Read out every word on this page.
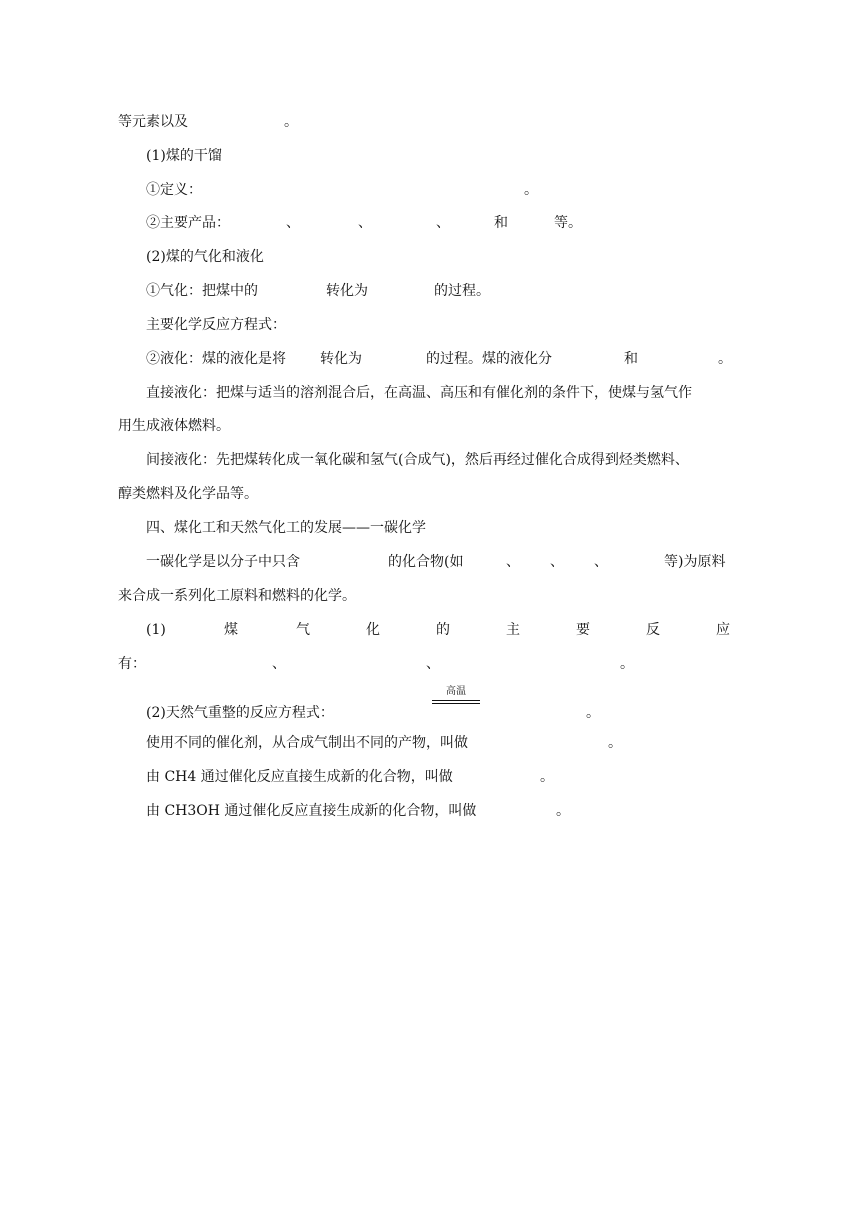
等元素以及	。
(1)煤的干馏
①定义：	。
②主要产品：	、	、	、	和	等。
(2)煤的气化和液化
①气化：把煤中的	转化为	的过程。
主要化学反应方程式：
②液化：煤的液化是将 转化为	的过程。煤的液化分	和	。
直接液化：把煤与适当的溶剂混合后，在高温、高压和有催化剂的条件下，使煤与氢气作
用生成液体燃料。
间接液化：先把煤转化成一氧化碳和氢气(合成气)，然后再经过催化合成得到烃类燃料、
醇类燃料及化学品等。
四、煤化工和天然气化工的发展——一碳化学
一碳化学是以分子中只含	的化合物(如	、 、 、	等)为原料
来合成一系列化工原料和燃料的化学。
(1)	煤	气	化	的	主	要	反	应
有：	、	、	。
高温
(2)天然气重整的反应方程式：	。
使用不同的催化剂，从合成气制出不同的产物，叫做	。
由 CH4 通过催化反应直接生成新的化合物，叫做	。
由 CH3OH 通过催化反应直接生成新的化合物，叫做	。
